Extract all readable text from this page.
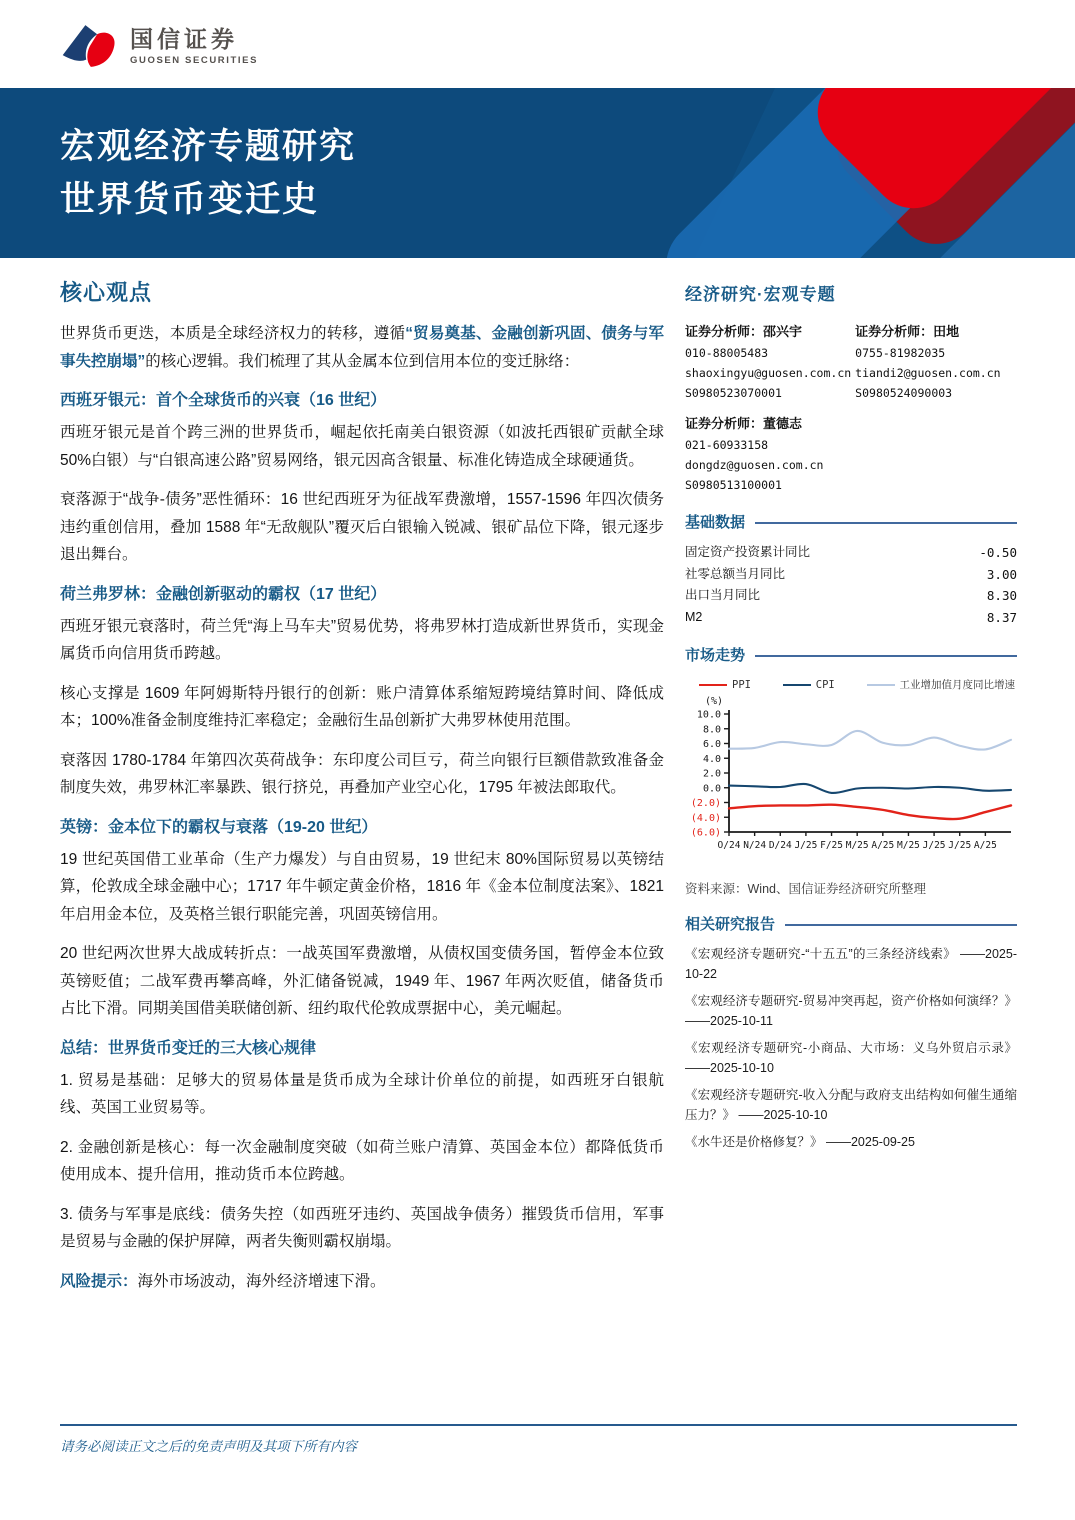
国信证券
GUOSEN SECURITIES
宏观经济专题研究
世界货币变迁史
核心观点

世界货币更迭，本质是全球经济权力的转移，遵循“贸易奠基、金融创新巩固、债务与军事失控崩塌”的核心逻辑。我们梳理了其从金属本位到信用本位的变迁脉络：

西班牙银元：首个全球货币的兴衰（16 世纪）

西班牙银元是首个跨三洲的世界货币，崛起依托南美白银资源（如波托西银矿贡献全球 50%白银）与“白银高速公路”贸易网络，银元因高含银量、标准化铸造成全球硬通货。

衰落源于“战争-债务”恶性循环：16 世纪西班牙为征战军费激增，1557-1596 年四次债务违约重创信用，叠加 1588 年“无敌舰队”覆灭后白银输入锐减、银矿品位下降，银元逐步退出舞台。

荷兰弗罗林：金融创新驱动的霸权（17 世纪）

西班牙银元衰落时，荷兰凭“海上马车夫”贸易优势，将弗罗林打造成新世界货币，实现金属货币向信用货币跨越。

核心支撑是 1609 年阿姆斯特丹银行的创新：账户清算体系缩短跨境结算时间、降低成本；100%准备金制度维持汇率稳定；金融衍生品创新扩大弗罗林使用范围。

衰落因 1780-1784 年第四次英荷战争：东印度公司巨亏，荷兰向银行巨额借款致准备金制度失效，弗罗林汇率暴跌、银行挤兑，再叠加产业空心化，1795 年被法郎取代。

英镑：金本位下的霸权与衰落（19-20 世纪）

19 世纪英国借工业革命（生产力爆发）与自由贸易，19 世纪末 80%国际贸易以英镑结算，伦敦成全球金融中心；1717 年牛顿定黄金价格，1816 年《金本位制度法案》、1821 年启用金本位，及英格兰银行职能完善，巩固英镑信用。

20 世纪两次世界大战成转折点：一战英国军费激增，从债权国变债务国，暂停金本位致英镑贬值；二战军费再攀高峰，外汇储备锐减，1949 年、1967 年两次贬值，储备货币占比下滑。同期美国借美联储创新、纽约取代伦敦成票据中心，美元崛起。

总结：世界货币变迁的三大核心规律

1. 贸易是基础：足够大的贸易体量是货币成为全球计价单位的前提，如西班牙白银航线、英国工业贸易等。

2. 金融创新是核心：每一次金融制度突破（如荷兰账户清算、英国金本位）都降低货币使用成本、提升信用，推动货币本位跨越。

3. 债务与军事是底线：债务失控（如西班牙违约、英国战争债务）摧毁货币信用，军事是贸易与金融的保护屏障，两者失衡则霸权崩塌。

风险提示：海外市场波动，海外经济增速下滑。

经济研究·宏观专题
证券分析师：邵兴宇
010-88005483
shaoxingyu@guosen.com.cn
S0980523070001
证券分析师：田地
0755-81982035
tiandi2@guosen.com.cn
S0980524090003
证券分析师：董德志
021-60933158
dongdz@guosen.com.cn
S0980513100001
基础数据
固定资产投资累计同比	-0.50
社零总额当月同比	3.00
出口当月同比	8.30
M2	8.37
市场走势
PPI	CPI	工业增加值月度同比增速
(%)
10.0
8.0
6.0
4.0
2.0
0.0
(2.0)
(4.0)
(6.0)
O/24 N/24 D/24 J/25 F/25 M/25 A/25 M/25 J/25 J/25 A/25
资料来源：Wind、国信证券经济研究所整理
相关研究报告
《宏观经济专题研究-“十五五”的三条经济线索》 ——2025-10-22
《宏观经济专题研究-贸易冲突再起，资产价格如何演绎？》 ——2025-10-11
《宏观经济专题研究-小商品、大市场：义乌外贸启示录》 ——2025-10-10
《宏观经济专题研究-收入分配与政府支出结构如何催生通缩压力？》 ——2025-10-10
《水牛还是价格修复？》 ——2025-09-25
请务必阅读正文之后的免责声明及其项下所有内容
